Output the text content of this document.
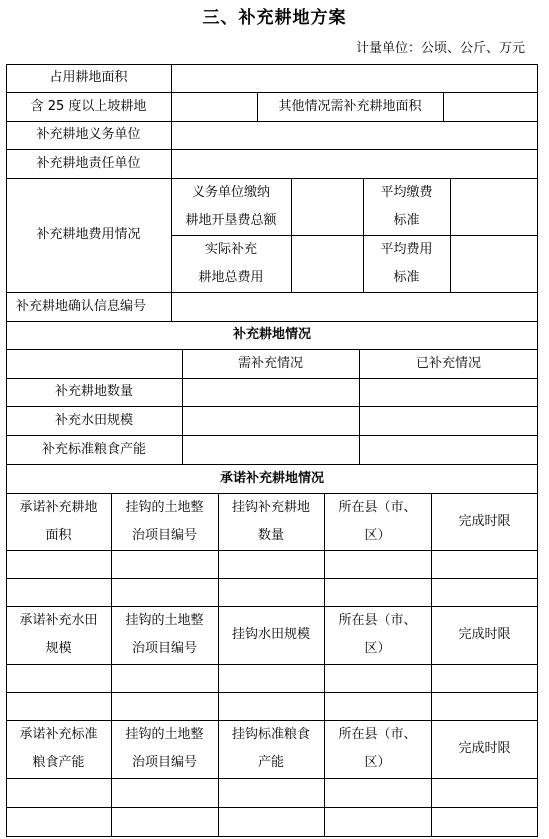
三、补充耕地方案
计量单位：公顷、公斤、万元
占用耕地面积
含 25 度以上坡耕地	其他情况需补充耕地面积
补充耕地义务单位
补充耕地责任单位
补充耕地费用情况
义务单位缴纳
耕地开垦费总额
平均缴费
标准
实际补充
耕地总费用
平均费用
标准
补充耕地确认信息编号
补充耕地情况
需补充情况	已补充情况
补充耕地数量
补充水田规模
补充标准粮食产能
承诺补充耕地情况
承诺补充耕地
面积
挂钩的土地整
治项目编号
挂钩补充耕地
数量
所在县（市、
区）
完成时限
承诺补充水田
规模
挂钩的土地整
治项目编号
挂钩水田规模
所在县（市、
区）
完成时限
承诺补充标准
粮食产能
挂钩的土地整
治项目编号
挂钩标准粮食
产能
所在县（市、
区）
完成时限
